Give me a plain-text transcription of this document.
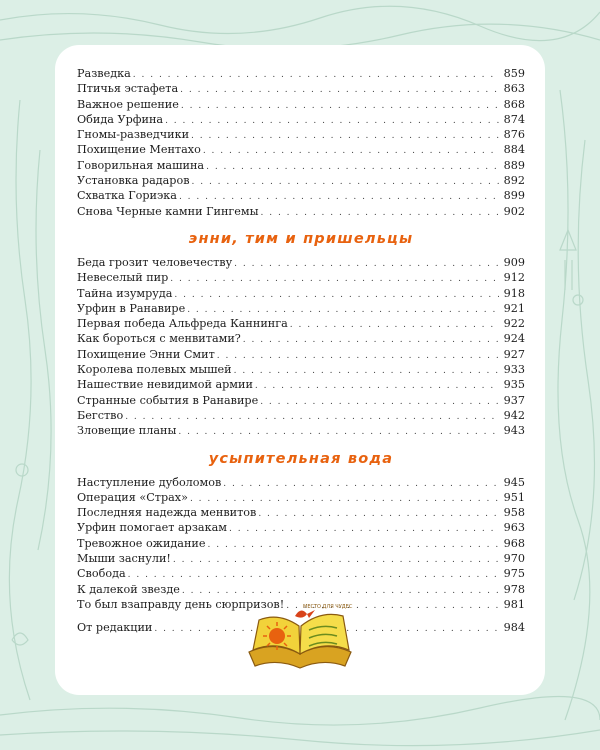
Разведка . . .	859
Птичья эстафета . . .	863
Важное решение . . .	868
Обида Урфина . . .	874
Гномы-разведчики . . .	876
Похищение Ментахо . . .	884
Говорильная машина . . .	889
Установка радаров . . .	892
Схватка Гориэка . . .	899
Снова Черные камни Гингемы . . .	902
энни, тим и пришельцы
Беда грозит человечеству . . .	909
Невеселый пир . . .	912
Тайна изумруда . . .	918
Урфин в Ранавире . . .	921
Первая победа Альфреда Каннинга . . .	922
Как бороться с менвитами? . . .	924
Похищение Энни Смит . . .	927
Королева полевых мышей . . .	933
Нашествие невидимой армии . . .	935
Странные события в Ранавире . . .	937
Бегство . . .	942
Зловещие планы . . .	943
усыпительная вода
Наступление дуболомов . . .	945
Операция «Страх» . . .	951
Последняя надежда менвитов . . .	958
Урфин помогает арзакам . . .	963
Тревожное ожидание . . .	968
Мыши заснули! . . .	970
Свобода . . .	975
К далекой звезде . . .	978
То был взаправду день сюрпризов! . . .	981
От редакции . . .	984
МЕСТО ДЛЯ ЧУДЕС
